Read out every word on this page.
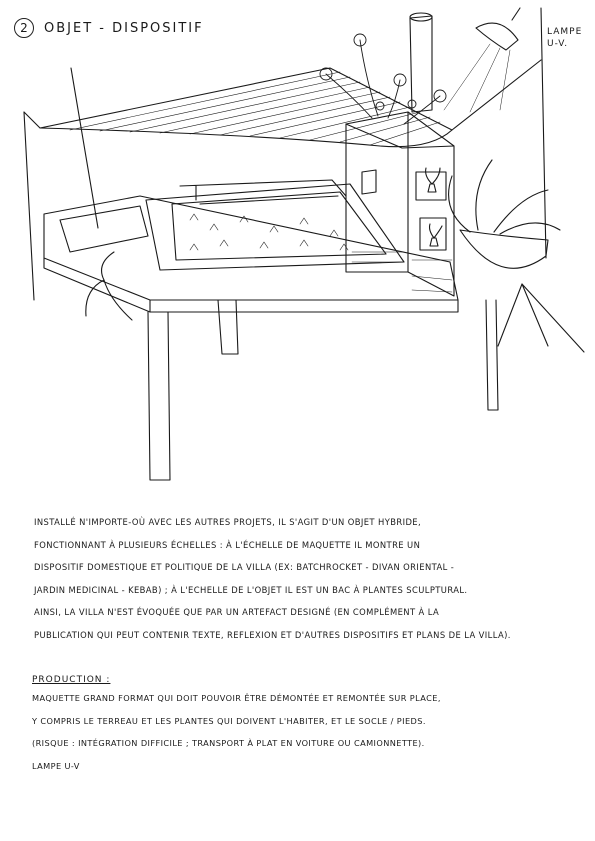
2	OBJET - DISPOSITIF	LAMPE
U-V.
INSTALLÉ N'IMPORTE-OÙ AVEC LES AUTRES PROJETS, IL S'AGIT D'UN OBJET HYBRIDE,
FONCTIONNANT À PLUSIEURS ÉCHELLES : À L'ÉCHELLE DE MAQUETTE IL MONTRE UN
DISPOSITIF DOMESTIQUE ET POLITIQUE DE LA VILLA (EX: BATCHROCKET - DIVAN ORIENTAL -
JARDIN MEDICINAL - KEBAB) ; À L'ECHELLE DE L'OBJET IL EST UN BAC À PLANTES SCULPTURAL.
AINSI, LA VILLA N'EST ÉVOQUÉE QUE PAR UN ARTEFACT DESIGNÉ (EN COMPLÉMENT À LA
PUBLICATION QUI PEUT CONTENIR TEXTE, REFLEXION ET D'AUTRES DISPOSITIFS ET PLANS DE LA VILLA).
PRODUCTION :
MAQUETTE GRAND FORMAT QUI DOIT POUVOIR ÊTRE DÉMONTÉE ET REMONTÉE SUR PLACE,
Y COMPRIS LE TERREAU ET LES PLANTES QUI DOIVENT L'HABITER, ET LE SOCLE / PIEDS.
(RISQUE : INTÉGRATION DIFFICILE ; TRANSPORT À PLAT EN VOITURE OU CAMIONNETTE).
LAMPE U-V
